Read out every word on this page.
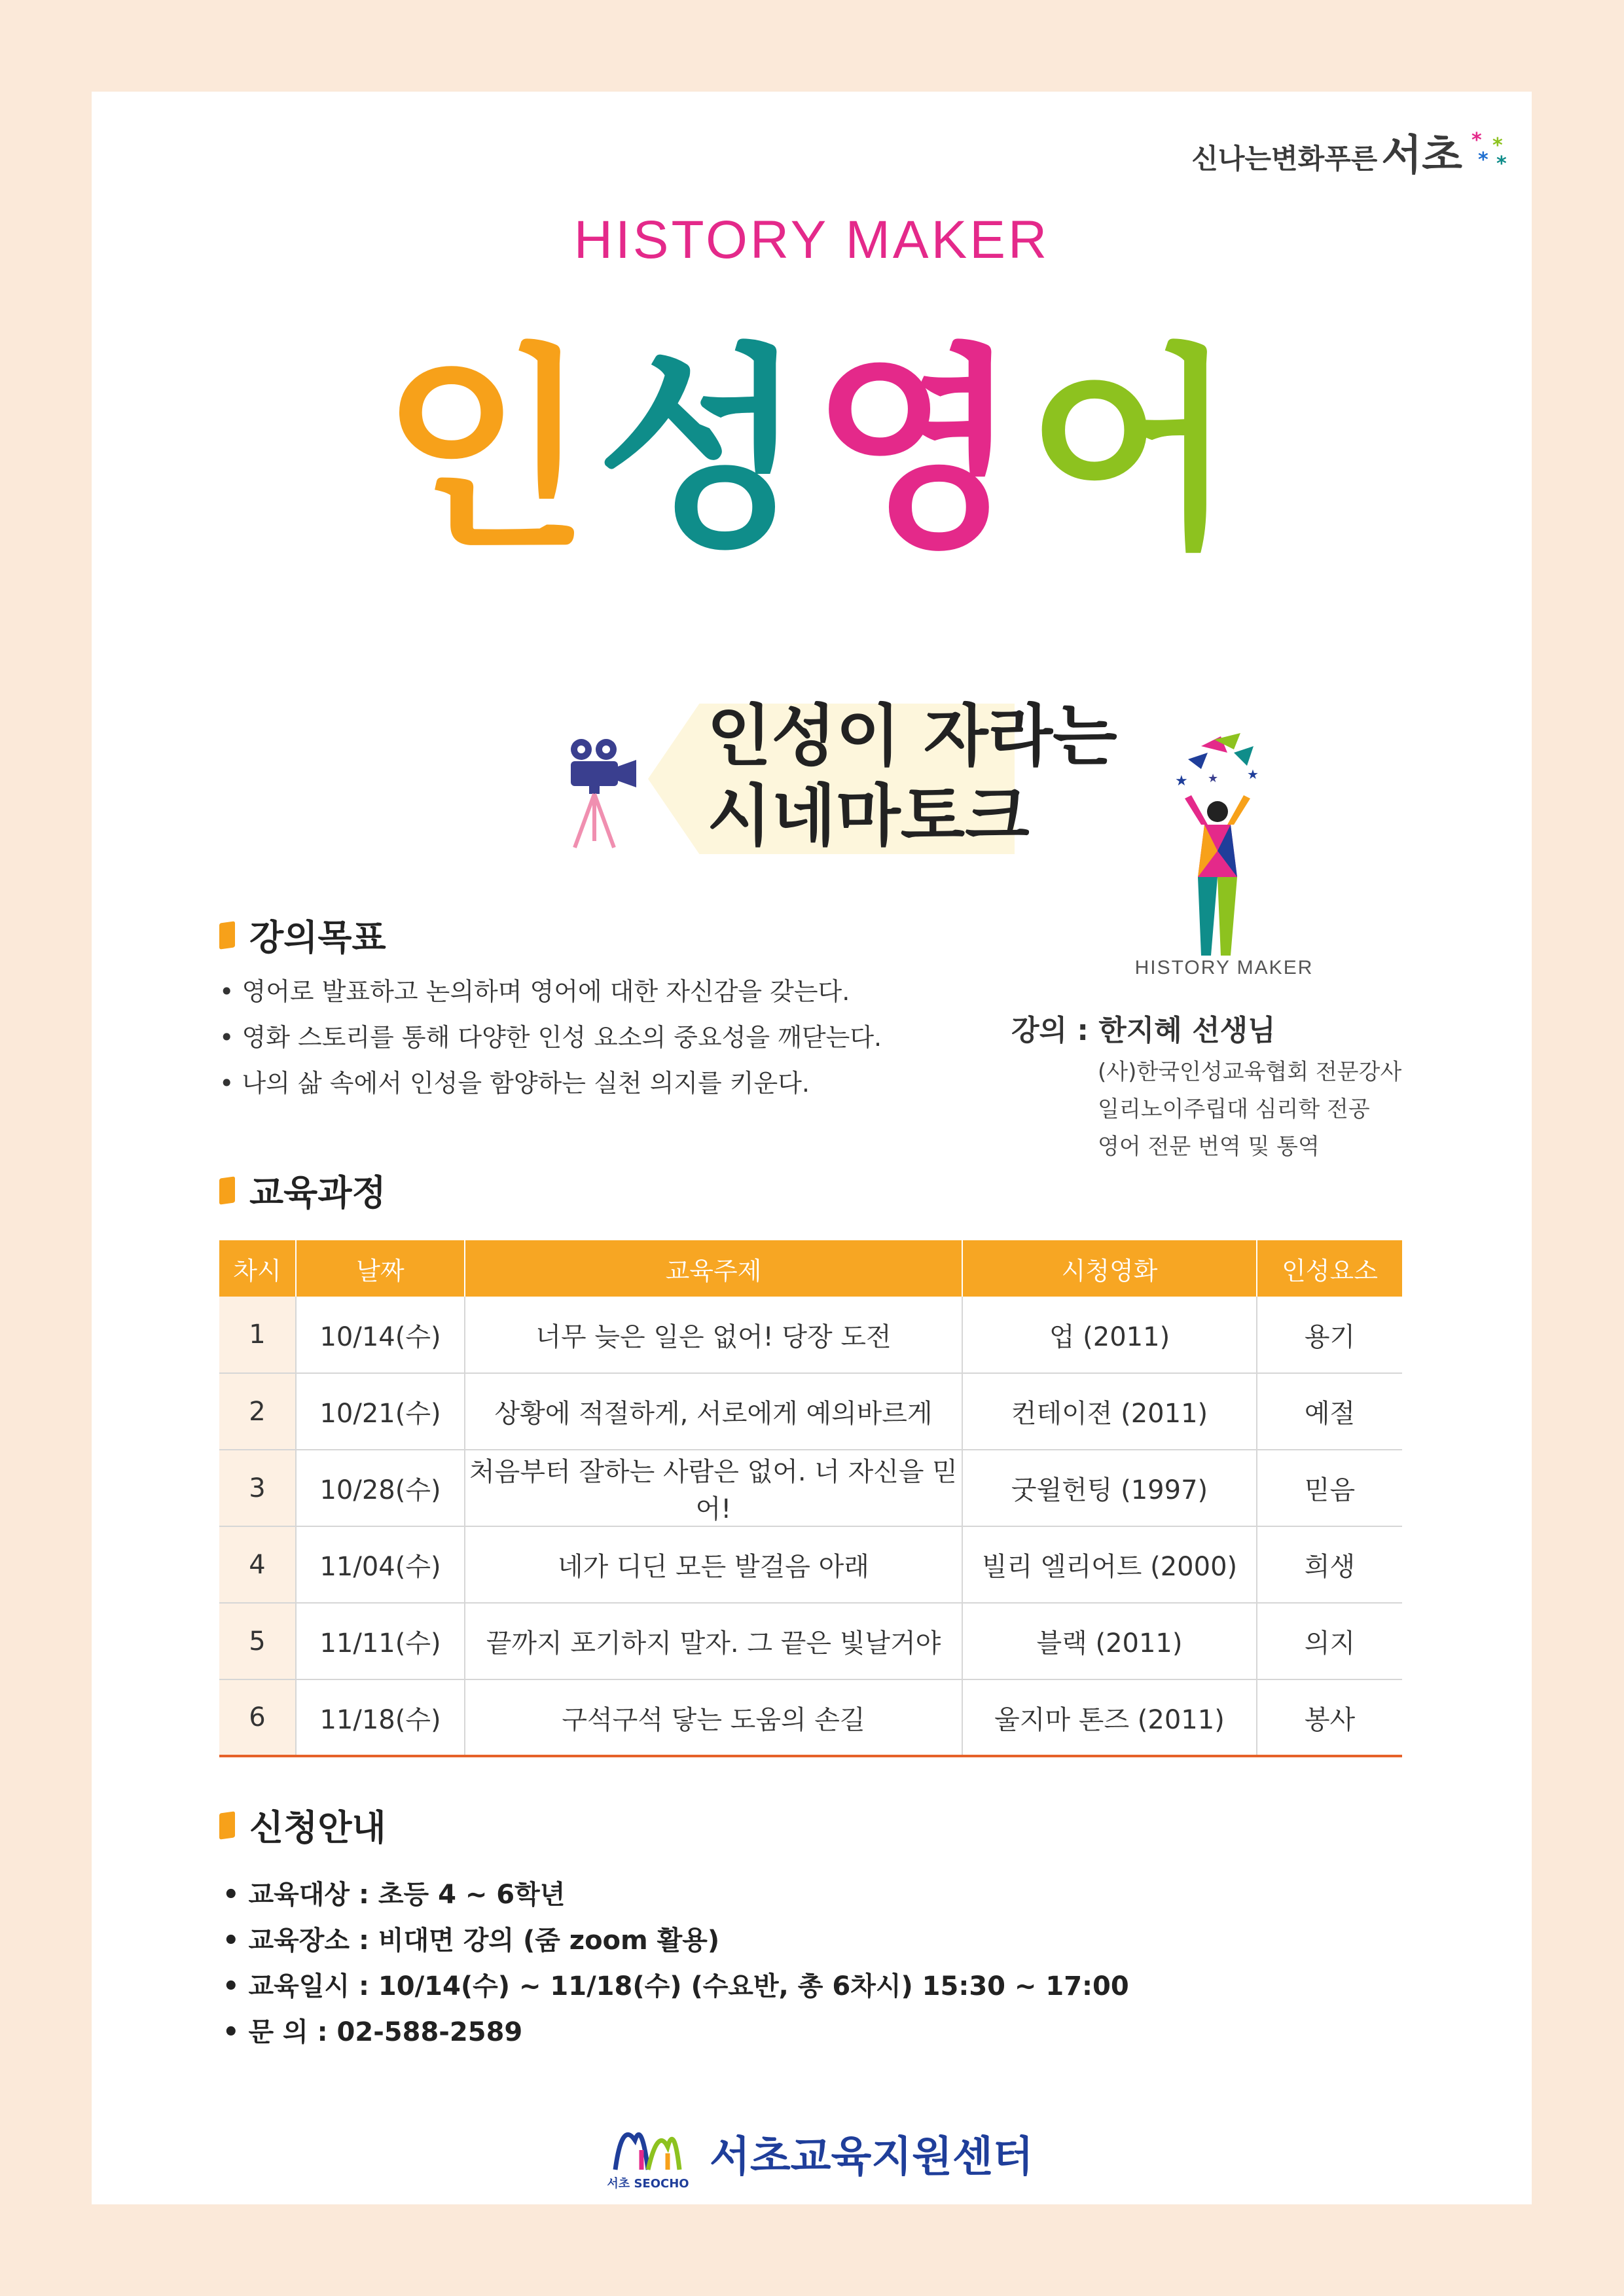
신나는변화푸른 서초 * *
* *
HISTORY MAKER
인성영어
인성이 자라는
시네마토크	★	★
★
HISTORY MAKER
강의목표
• 영어로 발표하고 논의하며 영어에 대한 자신감을 갖는다.
• 영화 스토리를 통해 다양한 인성 요소의 중요성을 깨닫는다.
• 나의 삶 속에서 인성을 함양하는 실천 의지를 키운다.
강의 : 한지혜 선생님
(사)한국인성교육협회 전문강사
일리노이주립대 심리학 전공
영어 전문 번역 및 통역
교육과정
차시	날짜	교육주제	시청영화	인성요소
1	10/14(수)	너무 늦은 일은 없어! 당장 도전	업 (2011)	용기
2	10/21(수)	상황에 적절하게, 서로에게 예의바르게	컨테이젼 (2011)	예절
3	10/28(수)	처음부터 잘하는 사람은 없어. 너 자신을 믿어!	굿윌헌팅 (1997)	믿음
4	11/04(수)	네가 디딘 모든 발걸음 아래	빌리 엘리어트 (2000)	희생
5	11/11(수)	끝까지 포기하지 말자. 그 끝은 빛날거야	블랙 (2011)	의지
6	11/18(수)	구석구석 닿는 도움의 손길	울지마 톤즈 (2011)	봉사
신청안내
• 교육대상 : 초등 4 ~ 6학년
• 교육장소 : 비대면 강의 (줌 zoom 활용)
• 교육일시 : 10/14(수) ~ 11/18(수) (수요반, 총 6차시) 15:30 ~ 17:00
• 문 의 : 02-588-2589
서초 SEOCHO
서초교육지원센터
